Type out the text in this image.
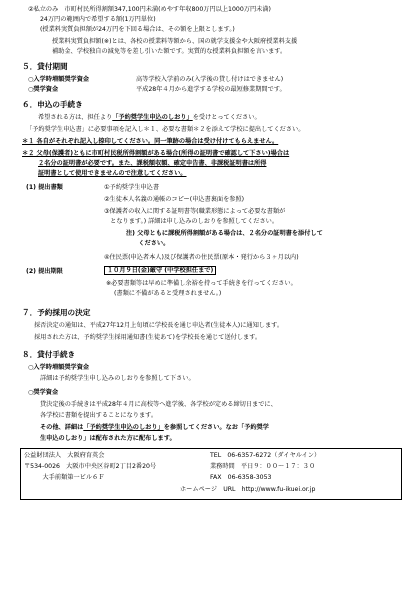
②私立のみ　市町村民所得割額347,100円未満(めやす年収800万円以上1000万円未満)
24万円の範囲内で希望する額(1万円単位)
(授業料実質負担額が24万円を下回る場合は、その額を上限とします。)
授業料実質負担額(※)とは、各校の授業料等額から、国の就学支援金や大阪府授業料支援
補助金、学校独自の減免等を差し引いた額です。実質的な授業料負担額を言います。
５．貸付期間
○入学時増額奨学資金	高等学校入学前のみ(入学後の貸し付けはできません)
○奨学資金	平成28年４月から進学する学校の最短修業期間です。
６．申込の手続き
希望される方は、担任より「予約奨学生申込のしおり」を受けとってください。
「予約奨学生申込書」に必要事項を記入し＊１、必要な書類＊２を添えて学校に提出してください。
＊１ 各自がそれぞれ記入し捺印してください。同一筆跡の場合は受け付けてもらえません。
＊２ 父母(保護者)ともに市町村民税所得割額がある場合(所得の証明書で確認して下さい)場合は
２名分の証明書が必要です。また、課税額収額、確定申告書、非課税証明書は所得
証明書として使用できませんので注意してください。
(1) 提出書類	①予約奨学生申込書
②生徒本人名義の通帳のコピー(申込書裏面を参照)
③保護者の収入に関する証明書等(職業形態によって必要な書類が
　となります。) 詳細は申し込みのしおりを参照してください。
注) 父母ともに課税所得割額がある場合は、２名分の証明書を添付して
　　ください。
④住民票(申込者本人)及び保護者の住民票(原本・発行から３ヶ月以内)
(2) 提出期限	１０月９日(金)厳守 (中学校担任まで)
※必要書類等は早めに準備し余裕を持って手続きを行ってください。
(書類に不備があると受理されません。)
７．予約採用の決定
採否決定の通知は、平成27年12月上旬頃に学校長を通じ申込者(生徒本人)に通知します。
採用された方は、予約奨学生採用通知書(生徒あて)を学校長を通じて送付します。
８．貸付手続き
○入学時増額奨学資金
詳細は予約奨学生申し込みのしおりを参照して下さい。
○奨学資金
貸決定後の手続きは平成28年４月に高校等へ進学後、各学校が定める締切日までに、
各学校に書類を提出することになります。
その他、詳細は「予約奨学生申込のしおり」を参照してください。なお「予約奨学
生申込のしおり」は配布された方に配布します。
公益財団法人　大阪府育英会
〒534-0026　大阪市中央区谷町2丁目2番20号
　　　大手前類第一ビル６Ｆ
TEL　06-6357-6272（ダイヤルイン）
業務時間　平日９：００～１７：３０
FAX　06-6358-3053
ホームページ　URL　http://www.fu-ikuei.or.jp
